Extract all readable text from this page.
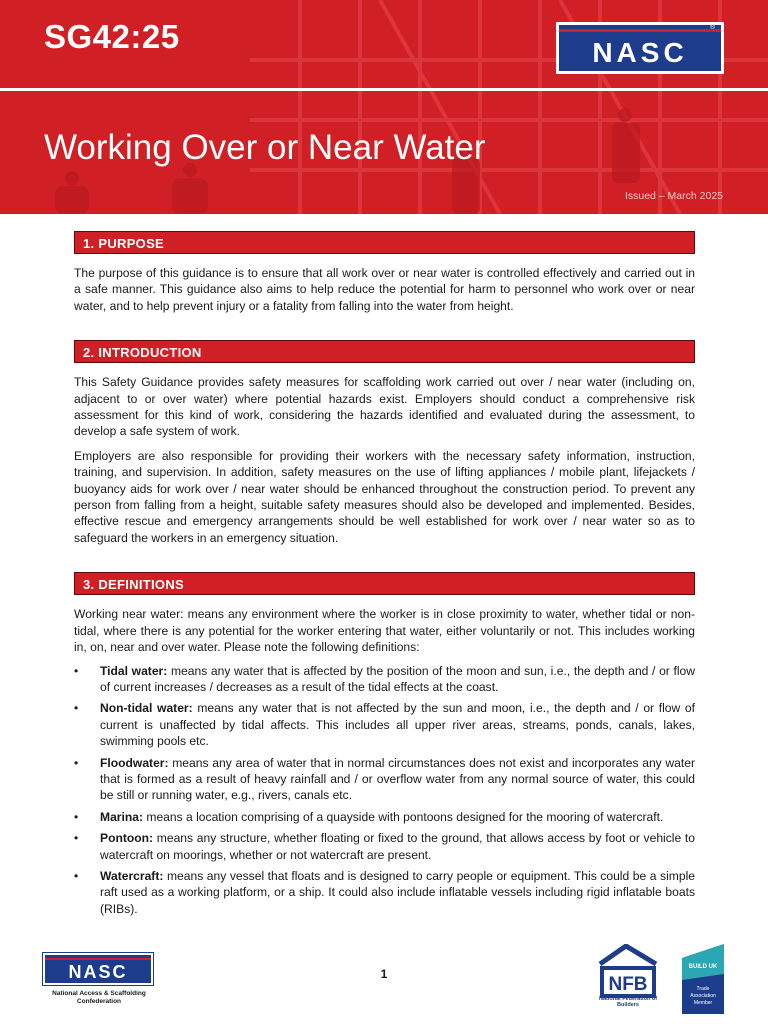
SG42:25
Working Over or Near Water
Issued – March 2025
NASC
®
1. PURPOSE

The purpose of this guidance is to ensure that all work over or near water is controlled effectively and carried out in a safe manner. This guidance also aims to help reduce the potential for harm to personnel who work over or near water, and to help prevent injury or a fatality from falling into the water from height.

2. INTRODUCTION

This Safety Guidance provides safety measures for scaffolding work carried out over / near water (including on, adjacent to or over water) where potential hazards exist. Employers should conduct a comprehensive risk assessment for this kind of work, considering the hazards identified and evaluated during the assessment, to develop a safe system of work.

Employers are also responsible for providing their workers with the necessary safety information, instruction, training, and supervision. In addition, safety measures on the use of lifting appliances / mobile plant, lifejackets / buoyancy aids for work over / near water should be enhanced throughout the construction period. To prevent any person from falling from a height, suitable safety measures should also be developed and implemented. Besides, effective rescue and emergency arrangements should be well established for work over / near water so as to safeguard the workers in an emergency situation.

3. DEFINITIONS

Working near water: means any environment where the worker is in close proximity to water, whether tidal or non-tidal, where there is any potential for the worker entering that water, either voluntarily or not. This includes working in, on, near and over water. Please note the following definitions:

• Tidal water: means any water that is affected by the position of the moon and sun, i.e., the depth and / or flow of current increases / decreases as a result of the tidal effects at the coast.
• Non-tidal water: means any water that is not affected by the sun and moon, i.e., the depth and / or flow of current is unaffected by tidal affects. This includes all upper river areas, streams, ponds, canals, lakes, swimming pools etc.
• Floodwater: means any area of water that in normal circumstances does not exist and incorporates any water that is formed as a result of heavy rainfall and / or overflow water from any normal source of water, this could be still or running water, e.g., rivers, canals etc.
• Marina: means a location comprising of a quayside with pontoons designed for the mooring of watercraft.
• Pontoon: means any structure, whether floating or fixed to the ground, that allows access by foot or vehicle to watercraft on moorings, whether or not watercraft are present.
• Watercraft: means any vessel that floats and is designed to carry people or equipment. This could be a simple raft used as a working platform, or a ship. It could also include inflatable vessels including rigid inflatable boats (RIBs).
NASC
National Access & Scaffolding
Confederation
1	NFB
National Federation of Builders
BUILD UK
Trade
Association
Member
